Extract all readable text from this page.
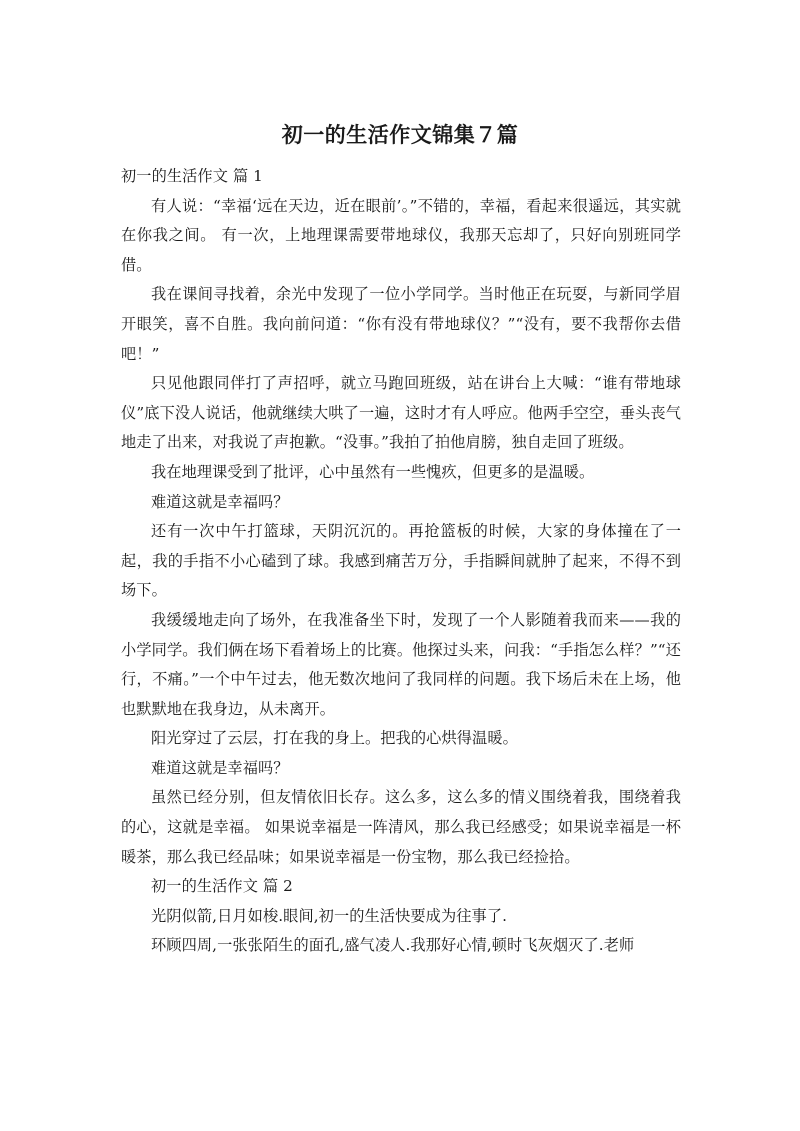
初一的生活作文锦集７篇

初一的生活作文 篇 1

有人说：“幸福‘远在天边，近在眼前’。”不错的，幸福，看起来很遥远，其实就在你我之间。 有一次，上地理课需要带地球仪，我那天忘却了，只好向别班同学借。

我在课间寻找着，余光中发现了一位小学同学。当时他正在玩耍，与新同学眉开眼笑，喜不自胜。我向前问道：“你有没有带地球仪？”“没有，要不我帮你去借吧！”

只见他跟同伴打了声招呼，就立马跑回班级，站在讲台上大喊：“谁有带地球仪”底下没人说话，他就继续大哄了一遍，这时才有人呼应。他两手空空，垂头丧气地走了出来，对我说了声抱歉。“没事。”我拍了拍他肩膀，独自走回了班级。

我在地理课受到了批评，心中虽然有一些愧疚，但更多的是温暖。

难道这就是幸福吗？

还有一次中午打篮球，天阴沉沉的。再抢篮板的时候，大家的身体撞在了一起，我的手指不小心磕到了球。我感到痛苦万分，手指瞬间就肿了起来，不得不到场下。

我缓缓地走向了场外，在我准备坐下时，发现了一个人影随着我而来——我的小学同学。我们俩在场下看着场上的比赛。他探过头来，问我：“手指怎么样？”“还行，不痛。”一个中午过去，他无数次地问了我同样的问题。我下场后未在上场，他也默默地在我身边，从未离开。

阳光穿过了云层，打在我的身上。把我的心烘得温暖。

难道这就是幸福吗？

虽然已经分别，但友情依旧长存。这么多，这么多的情义围绕着我，围绕着我的心，这就是幸福。 如果说幸福是一阵清风，那么我已经感受；如果说幸福是一杯暖茶，那么我已经品味；如果说幸福是一份宝物，那么我已经捡拾。

初一的生活作文 篇 2

光阴似箭,日月如梭.眼间,初一的生活快要成为往事了.

环顾四周,一张张陌生的面孔,盛气凌人.我那好心情,顿时飞灰烟灭了.老师
